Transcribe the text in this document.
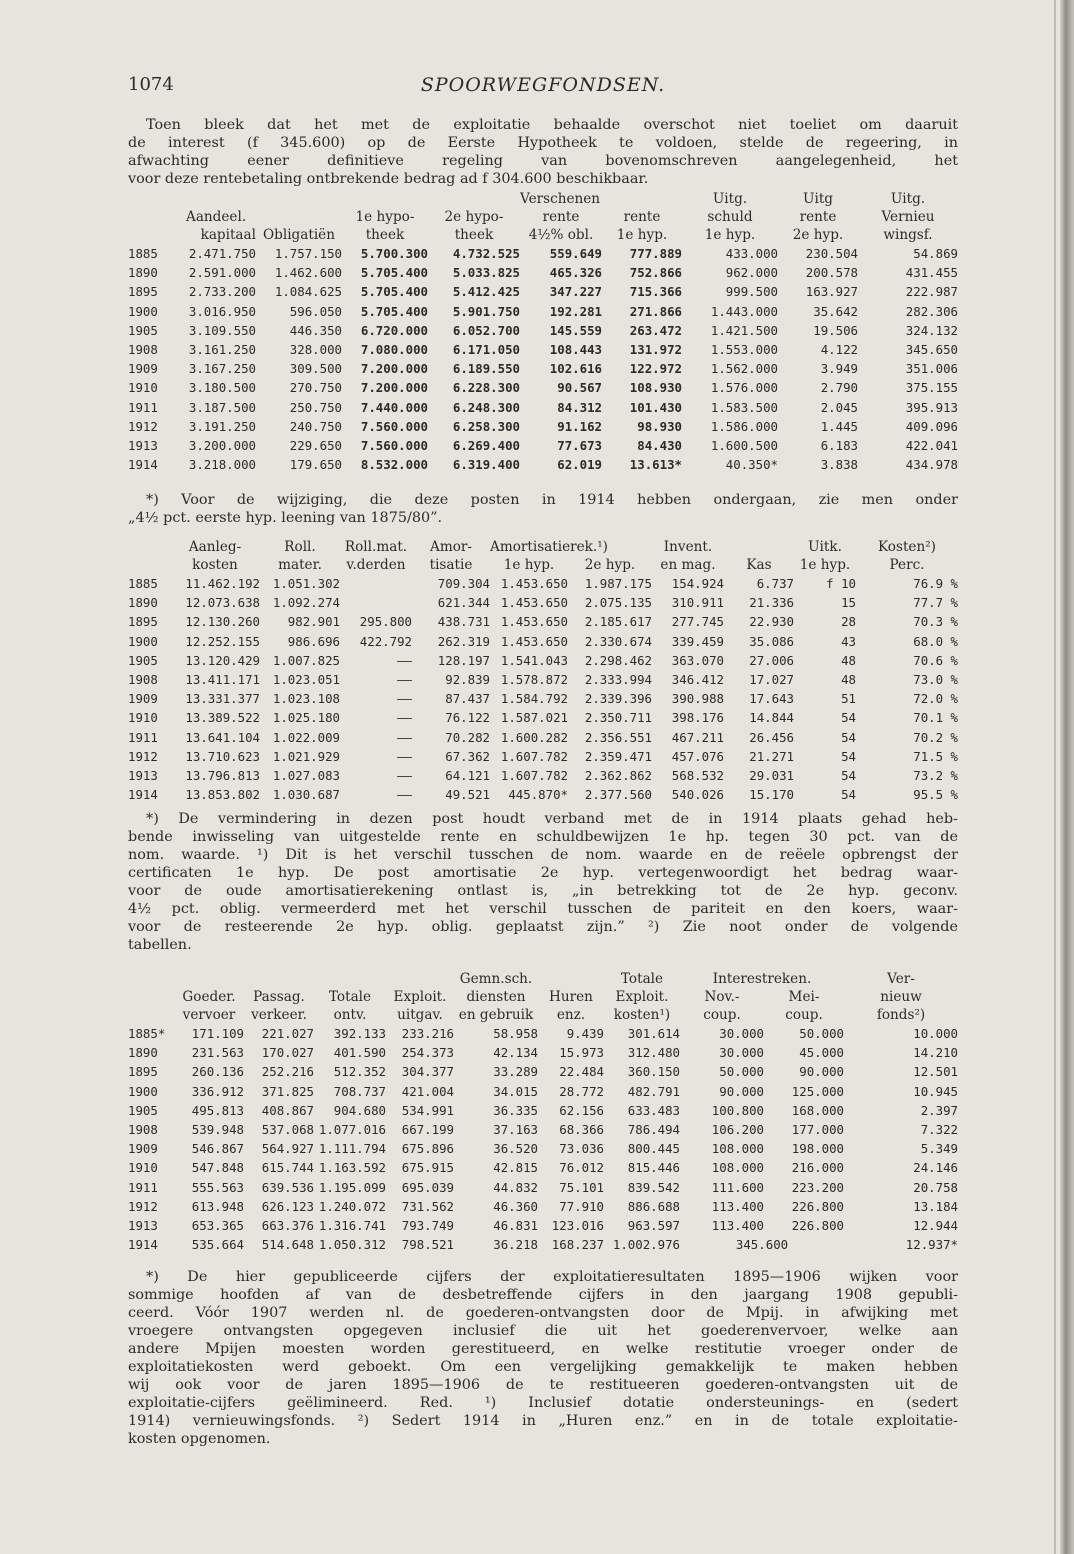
1074	SPOORWEGFONDSEN.
Toen bleek dat het met de exploitatie behaalde overschot niet toeliet om daaruit
de interest (f 345.600) op de Eerste Hypotheek te voldoen, stelde de regeering, in
afwachting eener definitieve regeling van bovenomschreven aangelegenheid, het
voor deze rentebetaling ontbrekende bedrag ad f 304.600 beschikbaar.
					Verschenen		Uitg.	Uitg	Uitg.
	Aandeel.		1e hypo-	2e hypo-	rente	rente	schuld	rente	Vernieu
kapitaal		Obligatiën	theek	theek	4½% obl.	1e hyp.	1e hyp.	2e hyp.	wingsf.
1885	2.471.750	1.757.150	5.700.300	4.732.525	559.649	777.889	433.000	230.504	54.869
1890	2.591.000	1.462.600	5.705.400	5.033.825	465.326	752.866	962.000	200.578	431.455
1895	2.733.200	1.084.625	5.705.400	5.412.425	347.227	715.366	999.500	163.927	222.987
1900	3.016.950	596.050	5.705.400	5.901.750	192.281	271.866	1.443.000	35.642	282.306
1905	3.109.550	446.350	6.720.000	6.052.700	145.559	263.472	1.421.500	19.506	324.132
1908	3.161.250	328.000	7.080.000	6.171.050	108.443	131.972	1.553.000	4.122	345.650
1909	3.167.250	309.500	7.200.000	6.189.550	102.616	122.972	1.562.000	3.949	351.006
1910	3.180.500	270.750	7.200.000	6.228.300	90.567	108.930	1.576.000	2.790	375.155
1911	3.187.500	250.750	7.440.000	6.248.300	84.312	101.430	1.583.500	2.045	395.913
1912	3.191.250	240.750	7.560.000	6.258.300	91.162	98.930	1.586.000	1.445	409.096
1913	3.200.000	229.650	7.560.000	6.269.400	77.673	84.430	1.600.500	6.183	422.041
1914	3.218.000	179.650	8.532.000	6.319.400	62.019	13.613*	40.350*	3.838	434.978
*) Voor de wijziging, die deze posten in 1914 hebben ondergaan, zie men onder
„4½ pct. eerste hyp. leening van 1875/80”.
	Aanleg-	Roll.	Roll.mat.	Amor-	Amortisatierek.¹)		Invent.		Uitk.	Kosten²)
	kosten	mater.	v.derden	tisatie	1e hyp.	2e hyp.	en mag.	Kas	1e hyp.	Perc.
1885	11.462.192	1.051.302		709.304	1.453.650	1.987.175	154.924	6.737	f 10	76.9 %
1890	12.073.638	1.092.274		621.344	1.453.650	2.075.135	310.911	21.336	15	77.7 %
1895	12.130.260	982.901	295.800	438.731	1.453.650	2.185.617	277.745	22.930	28	70.3 %
1900	12.252.155	986.696	422.792	262.319	1.453.650	2.330.674	339.459	35.086	43	68.0 %
1905	13.120.429	1.007.825	——	128.197	1.541.043	2.298.462	363.070	27.006	48	70.6 %
1908	13.411.171	1.023.051	——	92.839	1.578.872	2.333.994	346.412	17.027	48	73.0 %
1909	13.331.377	1.023.108	——	87.437	1.584.792	2.339.396	390.988	17.643	51	72.0 %
1910	13.389.522	1.025.180	——	76.122	1.587.021	2.350.711	398.176	14.844	54	70.1 %
1911	13.641.104	1.022.009	——	70.282	1.600.282	2.356.551	467.211	26.456	54	70.2 %
1912	13.710.623	1.021.929	——	67.362	1.607.782	2.359.471	457.076	21.271	54	71.5 %
1913	13.796.813	1.027.083	——	64.121	1.607.782	2.362.862	568.532	29.031	54	73.2 %
1914	13.853.802	1.030.687	——	49.521	445.870*	2.377.560	540.026	15.170	54	95.5 %
*) De vermindering in dezen post houdt verband met de in 1914 plaats gehad heb-
bende inwisseling van uitgestelde rente en schuldbewijzen 1e hp. tegen 30 pct. van de
nom. waarde. ¹) Dit is het verschil tusschen de nom. waarde en de reëele opbrengst der
certificaten 1e hyp. De post amortisatie 2e hyp. vertegenwoordigt het bedrag waar-
voor de oude amortisatierekening ontlast is, „in betrekking tot de 2e hyp. geconv.
4½ pct. oblig. vermeerderd met het verschil tusschen de pariteit en den koers, waar-
voor de resteerende 2e hyp. oblig. geplaatst zijn.” ²) Zie noot onder de volgende
tabellen.
					Gemn.sch.		Totale	Interestreken.		Ver-
	Goeder.	Passag.	Totale	Exploit.	diensten	Huren	Exploit.	Nov.-	Mei-	nieuw
	vervoer	verkeer.	ontv.	uitgav.	en gebruik	enz.	kosten¹)	coup.	coup.	fonds²)
1885*	171.109	221.027	392.133	233.216	58.958	9.439	301.614	30.000	50.000	10.000
1890	231.563	170.027	401.590	254.373	42.134	15.973	312.480	30.000	45.000	14.210
1895	260.136	252.216	512.352	304.377	33.289	22.484	360.150	50.000	90.000	12.501
1900	336.912	371.825	708.737	421.004	34.015	28.772	482.791	90.000	125.000	10.945
1905	495.813	408.867	904.680	534.991	36.335	62.156	633.483	100.800	168.000	2.397
1908	539.948	537.068	1.077.016	667.199	37.163	68.366	786.494	106.200	177.000	7.322
1909	546.867	564.927	1.111.794	675.896	36.520	73.036	800.445	108.000	198.000	5.349
1910	547.848	615.744	1.163.592	675.915	42.815	76.012	815.446	108.000	216.000	24.146
1911	555.563	639.536	1.195.099	695.039	44.832	75.101	839.542	111.600	223.200	20.758
1912	613.948	626.123	1.240.072	731.562	46.360	77.910	886.688	113.400	226.800	13.184
1913	653.365	663.376	1.316.741	793.749	46.831	123.016	963.597	113.400	226.800	12.944
1914	535.664	514.648	1.050.312	798.521	36.218	168.237	1.002.976	345.600		12.937*
*) De hier gepubliceerde cijfers der exploitatieresultaten 1895—1906 wijken voor
sommige hoofden af van de desbetreffende cijfers in den jaargang 1908 gepubli-
ceerd. Vóór 1907 werden nl. de goederen-ontvangsten door de Mpij. in afwijking met
vroegere ontvangsten opgegeven inclusief die uit het goederenvervoer, welke aan
andere Mpijen moesten worden gerestitueerd, en welke restitutie vroeger onder de
exploitatiekosten werd geboekt. Om een vergelijking gemakkelijk te maken hebben
wij ook voor de jaren 1895—1906 de te restitueeren goederen-ontvangsten uit de
exploitatie-cijfers geëlimineerd. Red. ¹) Inclusief dotatie ondersteunings- en (sedert
1914) vernieuwingsfonds. ²) Sedert 1914 in „Huren enz.” en in de totale exploitatie-
kosten opgenomen.
